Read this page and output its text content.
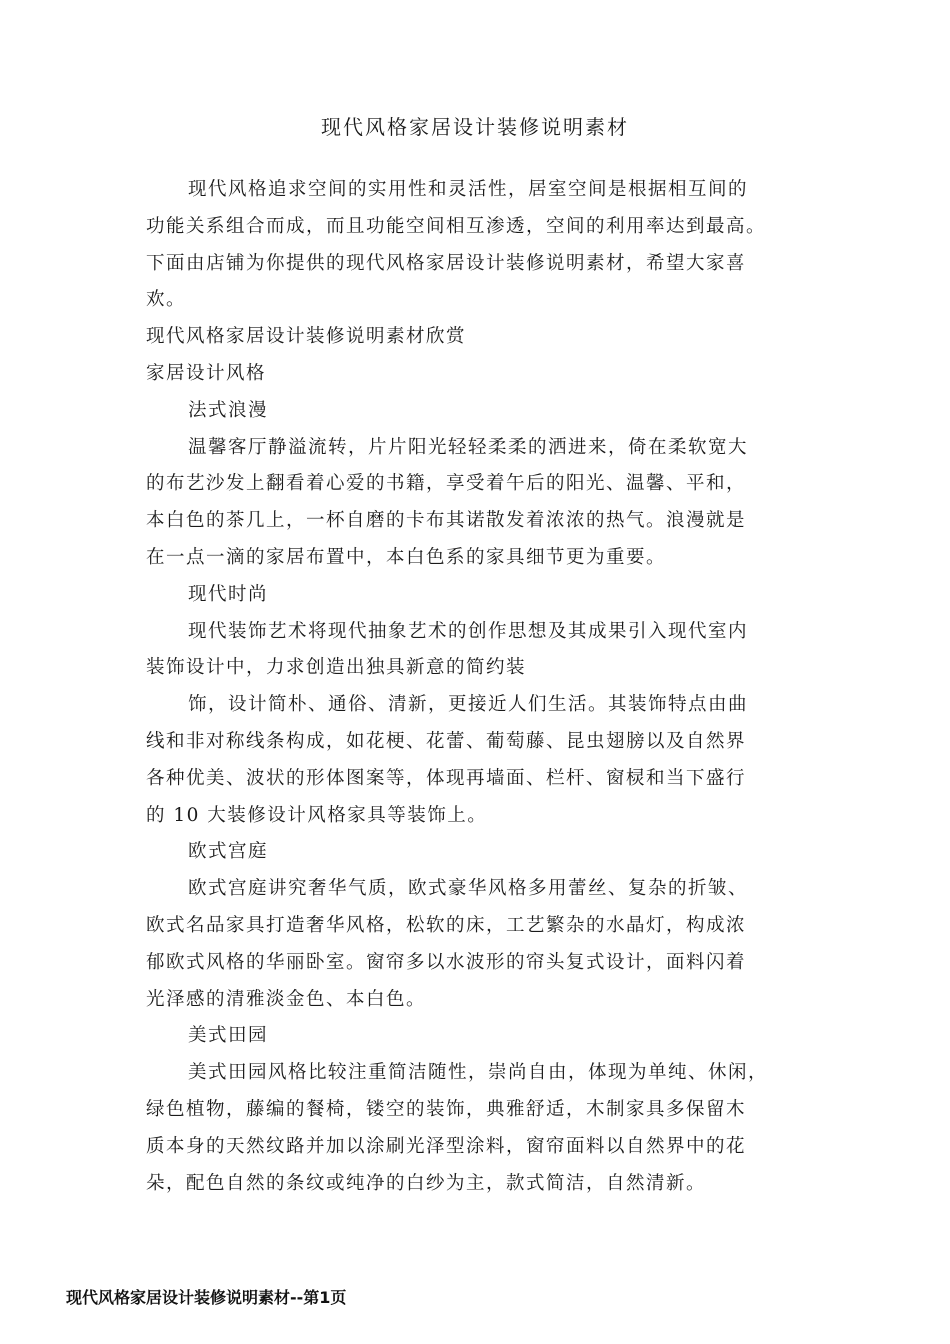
现代风格家居设计装修说明素材
现代风格追求空间的实用性和灵活性，居室空间是根据相互间的
功能关系组合而成，而且功能空间相互渗透，空间的利用率达到最高。
下面由店铺为你提供的现代风格家居设计装修说明素材，希望大家喜
欢。
现代风格家居设计装修说明素材欣赏
家居设计风格
法式浪漫
温馨客厅静溢流转，片片阳光轻轻柔柔的洒进来，倚在柔软宽大
的布艺沙发上翻看着心爱的书籍，享受着午后的阳光、温馨、平和，
本白色的茶几上，一杯自磨的卡布其诺散发着浓浓的热气。浪漫就是
在一点一滴的家居布置中，本白色系的家具细节更为重要。
现代时尚
现代装饰艺术将现代抽象艺术的创作思想及其成果引入现代室内
装饰设计中，力求创造出独具新意的简约装
饰，设计简朴、通俗、清新，更接近人们生活。其装饰特点由曲
线和非对称线条构成，如花梗、花蕾、葡萄藤、昆虫翅膀以及自然界
各种优美、波状的形体图案等，体现再墙面、栏杆、窗棂和当下盛行
的 10 大装修设计风格家具等装饰上。
欧式宫庭
欧式宫庭讲究奢华气质，欧式豪华风格多用蕾丝、复杂的折皱、
欧式名品家具打造奢华风格，松软的床，工艺繁杂的水晶灯，构成浓
郁欧式风格的华丽卧室。窗帘多以水波形的帘头复式设计，面料闪着
光泽感的清雅淡金色、本白色。
美式田园
美式田园风格比较注重简洁随性，崇尚自由，体现为单纯、休闲，
绿色植物，藤编的餐椅，镂空的装饰，典雅舒适，木制家具多保留木
质本身的天然纹路并加以涂刷光泽型涂料，窗帘面料以自然界中的花
朵，配色自然的条纹或纯净的白纱为主，款式简洁，自然清新。
现代风格家居设计装修说明素材--第1页
